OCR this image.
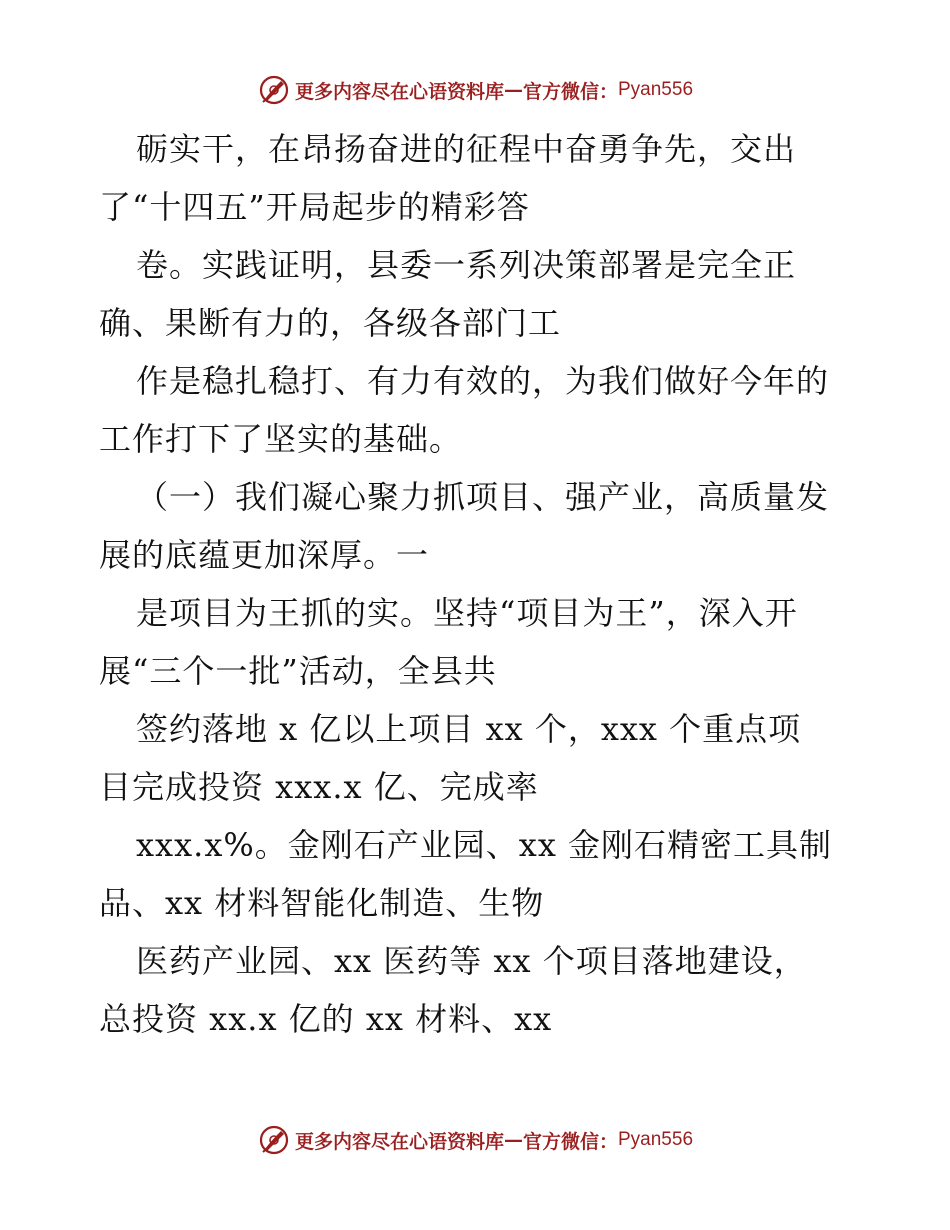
更多内容尽在心语资料库 — 官方微信： Pyan556
砺实干，在昂扬奋进的征程中奋勇争先，交出
了“十四五”开局起步的精彩答
卷。实践证明，县委一系列决策部署是完全正
确、果断有力的，各级各部门工
作是稳扎稳打、有力有效的，为我们做好今年的
工作打下了坚实的基础。
（一）我们凝心聚力抓项目、强产业，高质量发
展的底蕴更加深厚。一
是项目为王抓的实。坚持“项目为王”，深入开
展“三个一批”活动，全县共
签约落地 x 亿以上项目 xx 个，xxx 个重点项
目完成投资 xxx.x 亿、完成率
xxx.x%。金刚石产业园、xx 金刚石精密工具制
品、xx 材料智能化制造、生物
医药产业园、xx 医药等 xx 个项目落地建设，
总投资 xx.x 亿的 xx 材料、xx
更多内容尽在心语资料库 — 官方微信： Pyan556
